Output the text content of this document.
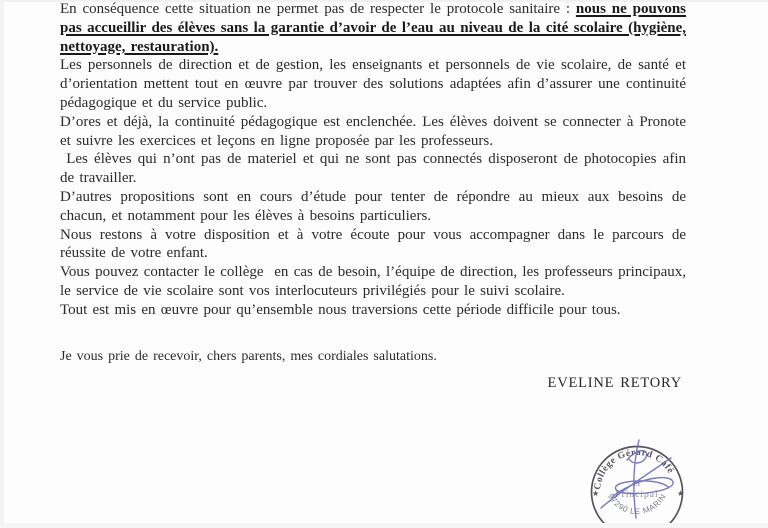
En conséquence cette situation ne permet pas de respecter le protocole sanitaire : nous ne pouvons pas accueillir des élèves sans la garantie d’avoir de l’eau au niveau de la cité scolaire (hygiène, nettoyage, restauration).
Les personnels de direction et de gestion, les enseignants et personnels de vie scolaire, de santé et d’orientation mettent tout en œuvre par trouver des solutions adaptées afin d’assurer une continuité pédagogique et du service public.
D’ores et déjà, la continuité pédagogique est enclenchée. Les élèves doivent se connecter à Pronote et suivre les exercices et leçons en ligne proposée par les professeurs.
Les élèves qui n’ont pas de materiel et qui ne sont pas connectés disposeront de photocopies afin de travailler.
D’autres propositions sont en cours d’étude pour tenter de répondre au mieux aux besoins de chacun, et notamment pour les élèves à besoins particuliers.
Nous restons à votre disposition et à votre écoute pour vous accompagner dans le parcours de réussite de votre enfant.
Vous pouvez contacter le collège  en cas de besoin, l’équipe de direction, les professeurs principaux, le service de vie scolaire sont vos interlocuteurs privilégiés pour le suivi scolaire.
Tout est mis en œuvre pour qu’ensemble nous traversions cette période difficile pour tous.
Je vous prie de recevoir, chers parents, mes cordiales salutations.
EVELINE RETORY
Collège Gérard Café
97290 LE MARIN
★	★
Le
Principal
